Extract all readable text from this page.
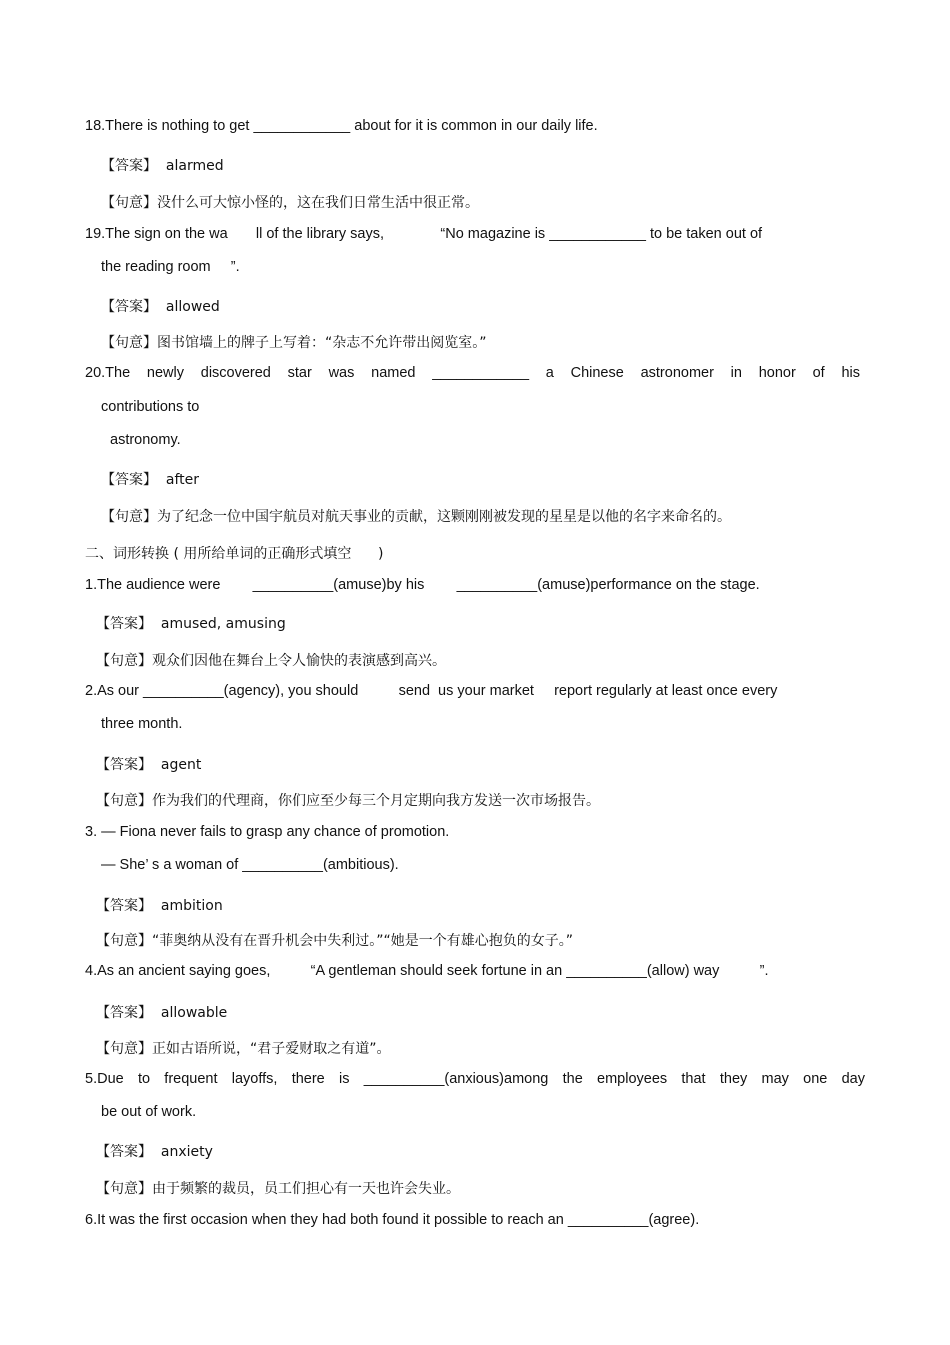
18.There is nothing to get ____________ about for it is common in our daily life.
【答案】  alarmed
【句意】没什么可大惊小怪的，这在我们日常生活中很正常。
19.The sign on the wa       ll of the library says,              “No magazine is ____________ to be taken out of
the reading room     ”.
【答案】  allowed
【句意】图书馆墙上的牌子上写着：“杂志不允许带出阅览室。”
20.The newly discovered star was named ____________ a Chinese astronomer in honor of his
contributions to
astronomy.
【答案】  after
【句意】为了纪念一位中国宇航员对航天事业的贡献，这颗刚刚被发现的星星是以他的名字来命名的。
二、词形转换 ( 用所给单词的正确形式填空      )
1.The audience were        __________(amuse)by his        __________(amuse)performance on the stage.
【答案】  amused, amusing
【句意】观众们因他在舞台上令人愉快的表演感到高兴。
2.As our __________(agency), you should          send  us your market     report regularly at least once every
three month.
【答案】  agent
【句意】作为我们的代理商，你们应至少每三个月定期向我方发送一次市场报告。
3. — Fiona never fails to grasp any chance of promotion.
— She’ s a woman of __________(ambitious).
【答案】  ambition
【句意】“菲奥纳从没有在晋升机会中失利过。”“她是一个有雄心抱负的女子。”
4.As an ancient saying goes,          “A gentleman should seek fortune in an __________(allow) way          ”.
【答案】  allowable
【句意】正如古语所说，“君子爱财取之有道”。
5.Due to frequent layoffs, there is __________(anxious)among the employees that they may one day
be out of work.
【答案】  anxiety
【句意】由于频繁的裁员，员工们担心有一天也许会失业。
6.It was the first occasion when they had both found it possible to reach an __________(agree).
